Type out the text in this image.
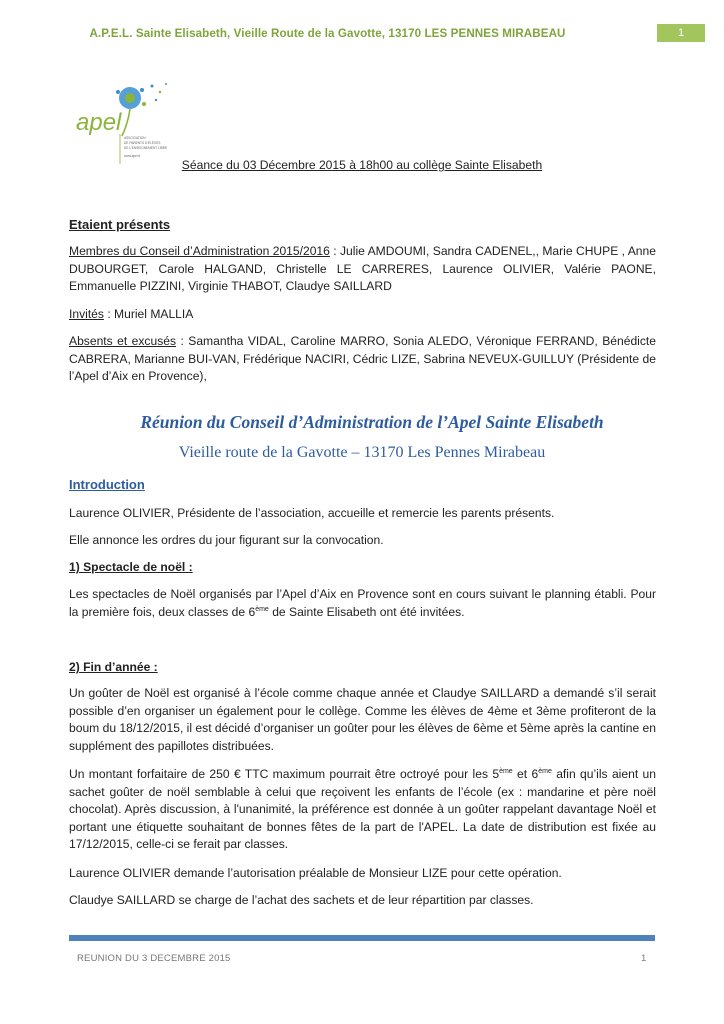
A.P.E.L. Sainte Elisabeth, Vieille Route de la Gavotte, 13170 LES PENNES MIRABEAU	1
apel
ASSOCIATION
DE PARENTS D'ÉLÈVES
DE L'ENSEIGNEMENT LIBRE
www.apel.fr
Séance du 03 Décembre 2015 à 18h00 au collège Sainte Elisabeth
Etaient présents
Membres du Conseil d’Administration 2015/2016 : Julie AMDOUMI, Sandra CADENEL,, Marie CHUPE , Anne DUBOURGET, Carole HALGAND, Christelle LE CARRERES, Laurence OLIVIER, Valérie PAONE, Emmanuelle PIZZINI, Virginie THABOT, Claudye SAILLARD
Invités : Muriel MALLIA
Absents et excusés : Samantha VIDAL, Caroline MARRO, Sonia ALEDO, Véronique FERRAND, Bénédicte CABRERA, Marianne BUI-VAN, Frédérique NACIRI, Cédric LIZE, Sabrina NEVEUX-GUILLUY (Présidente de l’Apel d’Aix en Provence),
Réunion du Conseil d’Administration de l’Apel Sainte Elisabeth
Vieille route de la Gavotte – 13170 Les Pennes Mirabeau
Introduction
Laurence OLIVIER, Présidente de l’association, accueille et remercie les parents présents.
Elle annonce les ordres du jour figurant sur la convocation.
1) Spectacle de noël :
Les spectacles de Noël organisés par l’Apel d’Aix en Provence sont en cours suivant le planning établi. Pour la première fois, deux classes de 6ème de Sainte Elisabeth ont été invitées.
2) Fin d’année :
Un goûter de Noël est organisé à l’école comme chaque année et Claudye SAILLARD a demandé s’il serait possible d’en organiser un également pour le collège. Comme les élèves de 4ème et 3ème profiteront de la boum du 18/12/2015, il est décidé d’organiser un goûter pour les élèves de 6ème et 5ème après la cantine en supplément des papillotes distribuées.
Un montant forfaitaire de 250 € TTC maximum pourrait être octroyé pour les 5ème et 6ème afin qu’ils aient un sachet goûter de noël semblable à celui que reçoivent les enfants de l’école (ex : mandarine et père noël chocolat). Après discussion, à l'unanimité, la préférence est donnée à un goûter rappelant davantage Noël et portant une étiquette souhaitant de bonnes fêtes de la part de l'APEL. La date de distribution est fixée au 17/12/2015, celle-ci se ferait par classes.
Laurence OLIVIER demande l’autorisation préalable de Monsieur LIZE pour cette opération.
Claudye SAILLARD se charge de l’achat des sachets et de leur répartition par classes.
REUNION DU 3 DECEMBRE 2015	1
